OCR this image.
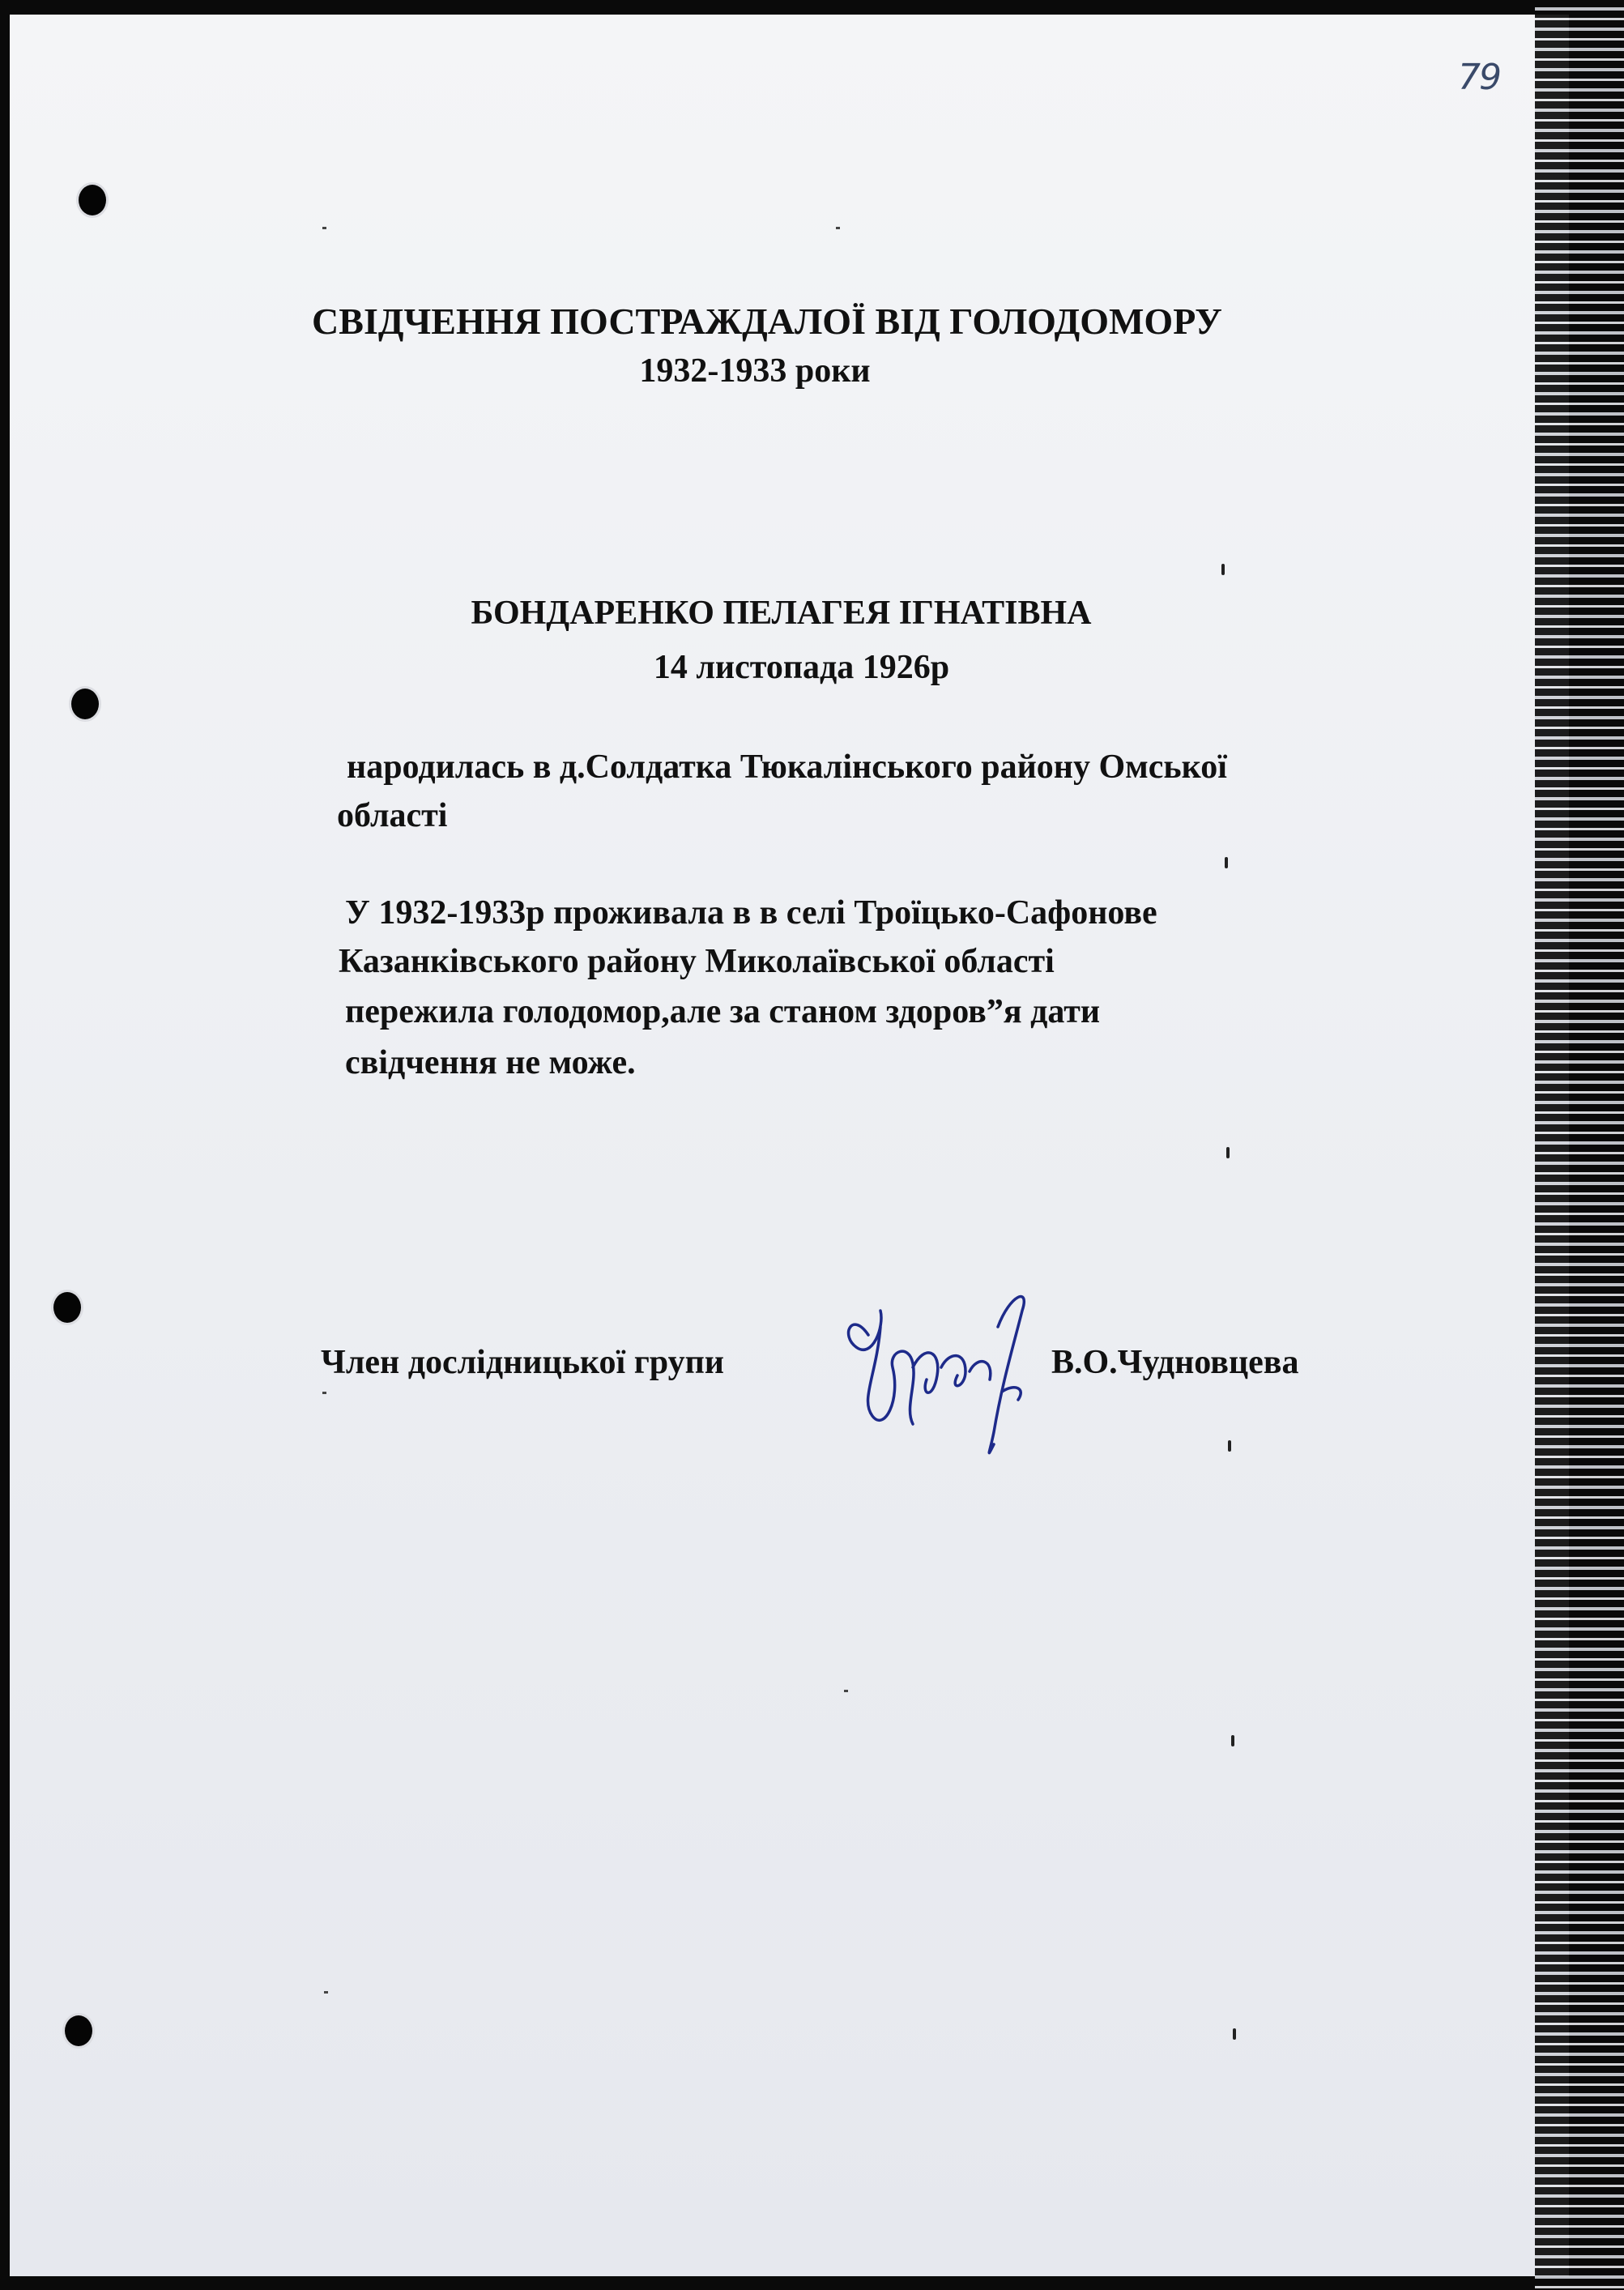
79
СВІДЧЕННЯ ПОСТРАЖДАЛОЇ ВІД ГОЛОДОМОРУ
1932-1933 роки
БОНДАРЕНКО ПЕЛАГЕЯ ІГНАТІВНА
14 листопада 1926р
народилась в д.Солдатка Тюкалінського району Омської
області
У 1932-1933р проживала в в селі Троїцько-Сафонове
Казанківського району Миколаївської області
пережила голодомор,але за станом здоров”я дати
свідчення не може.
Член дослідницької групи	В.О.Чудновцева
